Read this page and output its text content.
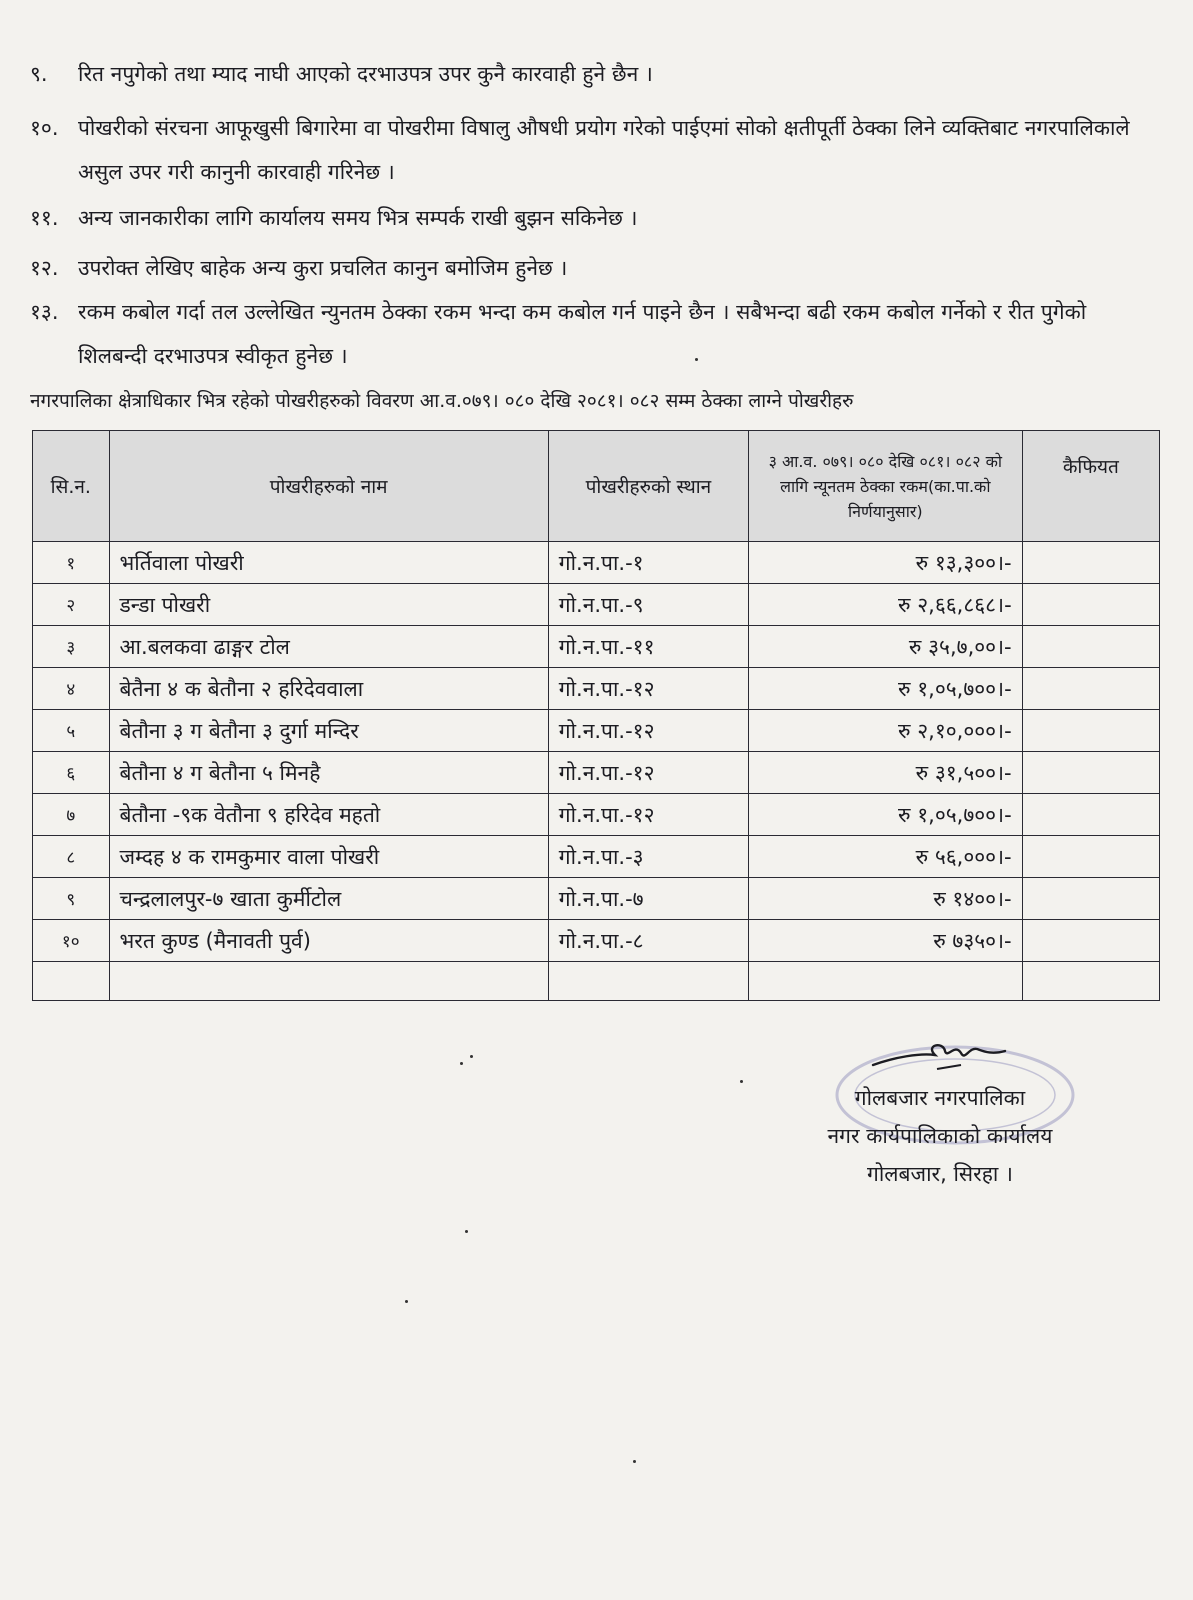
९.	रित नपुगेको तथा म्याद नाघी आएको दरभाउपत्र उपर कुनै कारवाही हुने छैन ।
१०. पोखरीको संरचना आफूखुसी बिगारेमा वा पोखरीमा विषालु औषधी प्रयोग गरेको पाईएमां सोको क्षतीपूर्ती ठेक्का लिने व्यक्तिबाट नगरपालिकाले असुल उपर गरी कानुनी कारवाही गरिनेछ ।
११. अन्य जानकारीका लागि कार्यालय समय भित्र सम्पर्क राखी बुझन सकिनेछ ।
१२. उपरोक्त लेखिए बाहेक अन्य कुरा प्रचलित कानुन बमोजिम हुनेछ ।
१३. रकम कबोल गर्दा तल उल्लेखित न्युनतम ठेक्का रकम भन्दा कम कबोल गर्न पाइने छैन । सबैभन्दा बढी रकम कबोल गर्नेको र रीत पुगेको शिलबन्दी दरभाउपत्र स्वीकृत हुनेछ ।
नगरपालिका क्षेत्राधिकार भित्र रहेको पोखरीहरुको विवरण आ.व.०७९। ०८० देखि २०८१। ०८२ सम्म ठेक्का लाग्ने पोखरीहरु
सि.न.	पोखरीहरुको नाम	पोखरीहरुको स्थान	३ आ.व. ०७९। ०८० देखि ०८१। ०८२ को लागि न्यूनतम ठेक्का रकम(का.पा.को निर्णयानुसार)	कैफियत
१	भर्तिवाला पोखरी	गो.न.पा.-१	रु १३,३००।-	
२	डन्डा पोखरी	गो.न.पा.-९	रु २,६६,८६८।-	
३	आ.बलकवा ढाङ्गर टोल	गो.न.पा.-११	रु ३५,७,००।-	
४	बेतैना ४ क बेतौना २ हरिदेववाला	गो.न.पा.-१२	रु १,०५,७००।-	
५	बेतौना ३ ग बेतौना ३ दुर्गा मन्दिर	गो.न.पा.-१२	रु २,१०,०००।-	
६	बेतौना ४ ग बेतौना ५ मिनहै	गो.न.पा.-१२	रु ३१,५००।-	
७	बेतौना -९क वेतौना ९ हरिदेव महतो	गो.न.पा.-१२	रु १,०५,७००।-	
८	जम्दह ४ क रामकुमार वाला पोखरी	गो.न.पा.-३	रु ५६,०००।-	
९	चन्द्रलालपुर-७ खाता कुर्मीटोल	गो.न.पा.-७	रु १४००।-	
१०	भरत कुण्ड (मैनावती पुर्व)	गो.न.पा.-८	रु ७३५०।-	

गोलबजार नगरपालिका
नगर कार्यपालिकाको कार्यालय
गोलबजार, सिरहा ।
